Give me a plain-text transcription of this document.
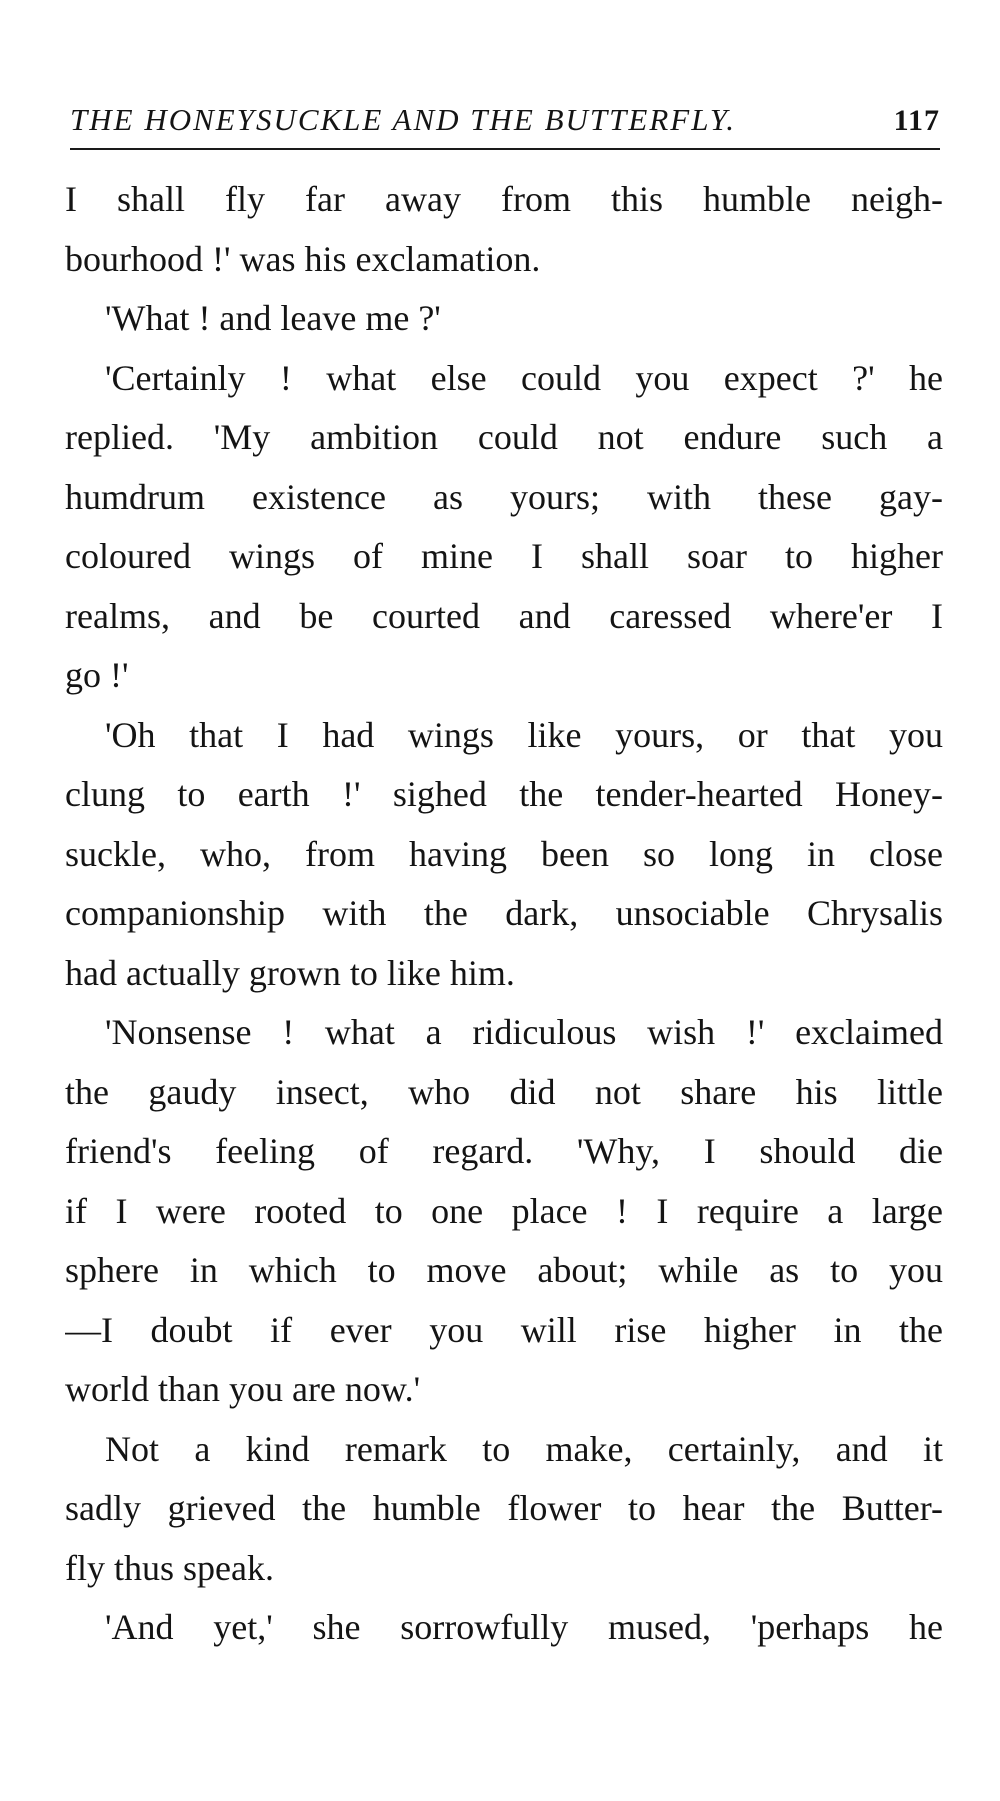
THE HONEYSUCKLE AND THE BUTTERFLY.	117
I shall fly far away from this humble neigh-
bourhood !' was his exclamation.
'What ! and leave me ?'
'Certainly ! what else could you expect ?' he
replied. 'My ambition could not endure such a
humdrum existence as yours; with these gay-
coloured wings of mine I shall soar to higher
realms, and be courted and caressed where'er I
go !'
'Oh that I had wings like yours, or that you
clung to earth !' sighed the tender-hearted Honey-
suckle, who, from having been so long in close
companionship with the dark, unsociable Chrysalis
had actually grown to like him.
'Nonsense ! what a ridiculous wish !' exclaimed
the gaudy insect, who did not share his little
friend's feeling of regard. 'Why, I should die
if I were rooted to one place ! I require a large
sphere in which to move about; while as to you
—I doubt if ever you will rise higher in the
world than you are now.'
Not a kind remark to make, certainly, and it
sadly grieved the humble flower to hear the Butter-
fly thus speak.
'And yet,' she sorrowfully mused, 'perhaps he
